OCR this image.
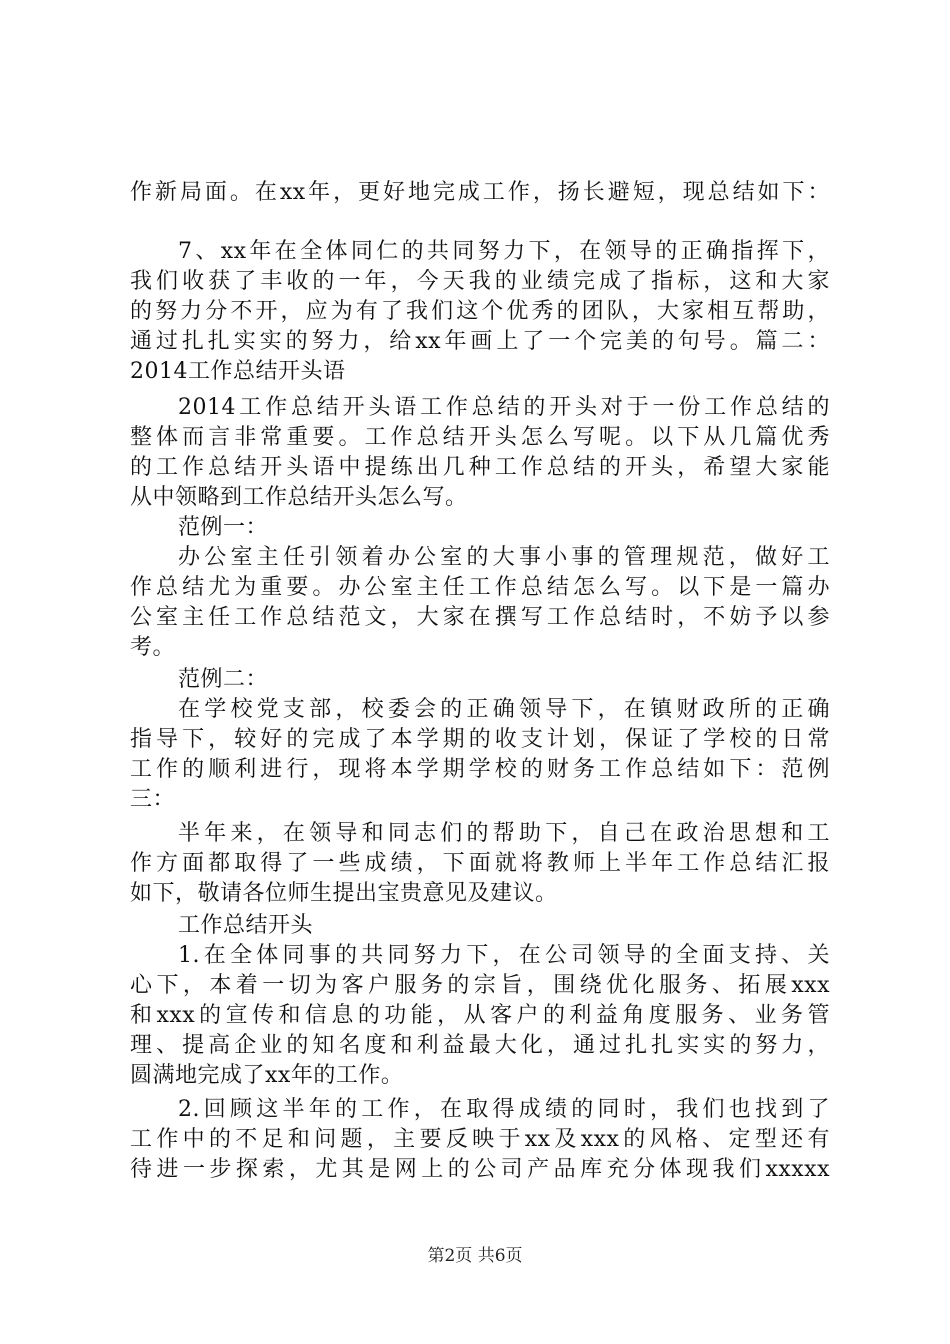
作新局面。在xx年，更好地完成工作，扬长避短，现总结如下：
7、xx年在全体同仁的共同努力下，在领导的正确指挥下，
我们收获了丰收的一年，今天我的业绩完成了指标，这和大家
的努力分不开，应为有了我们这个优秀的团队，大家相互帮助，
通过扎扎实实的努力，给xx年画上了一个完美的句号。篇二：
2014工作总结开头语
2014工作总结开头语工作总结的开头对于一份工作总结的
整体而言非常重要。工作总结开头怎么写呢。以下从几篇优秀
的工作总结开头语中提练出几种工作总结的开头，希望大家能
从中领略到工作总结开头怎么写。
范例一：
办公室主任引领着办公室的大事小事的管理规范，做好工
作总结尤为重要。办公室主任工作总结怎么写。以下是一篇办
公室主任工作总结范文，大家在撰写工作总结时，不妨予以参
考。
范例二：
在学校党支部，校委会的正确领导下，在镇财政所的正确
指导下，较好的完成了本学期的收支计划，保证了学校的日常
工作的顺利进行，现将本学期学校的财务工作总结如下：范例
三：
半年来，在领导和同志们的帮助下，自己在政治思想和工
作方面都取得了一些成绩，下面就将教师上半年工作总结汇报
如下，敬请各位师生提出宝贵意见及建议。
工作总结开头
1.在全体同事的共同努力下，在公司领导的全面支持、关
心下，本着一切为客户服务的宗旨，围绕优化服务、拓展xxx
和xxx的宣传和信息的功能，从客户的利益角度服务、业务管
理、提高企业的知名度和利益最大化，通过扎扎实实的努力，
圆满地完成了xx年的工作。
2.回顾这半年的工作，在取得成绩的同时，我们也找到了
工作中的不足和问题，主要反映于xx及xxx的风格、定型还有
待进一步探索，尤其是网上的公司产品库充分体现我们xxxxx
第2页 共6页
